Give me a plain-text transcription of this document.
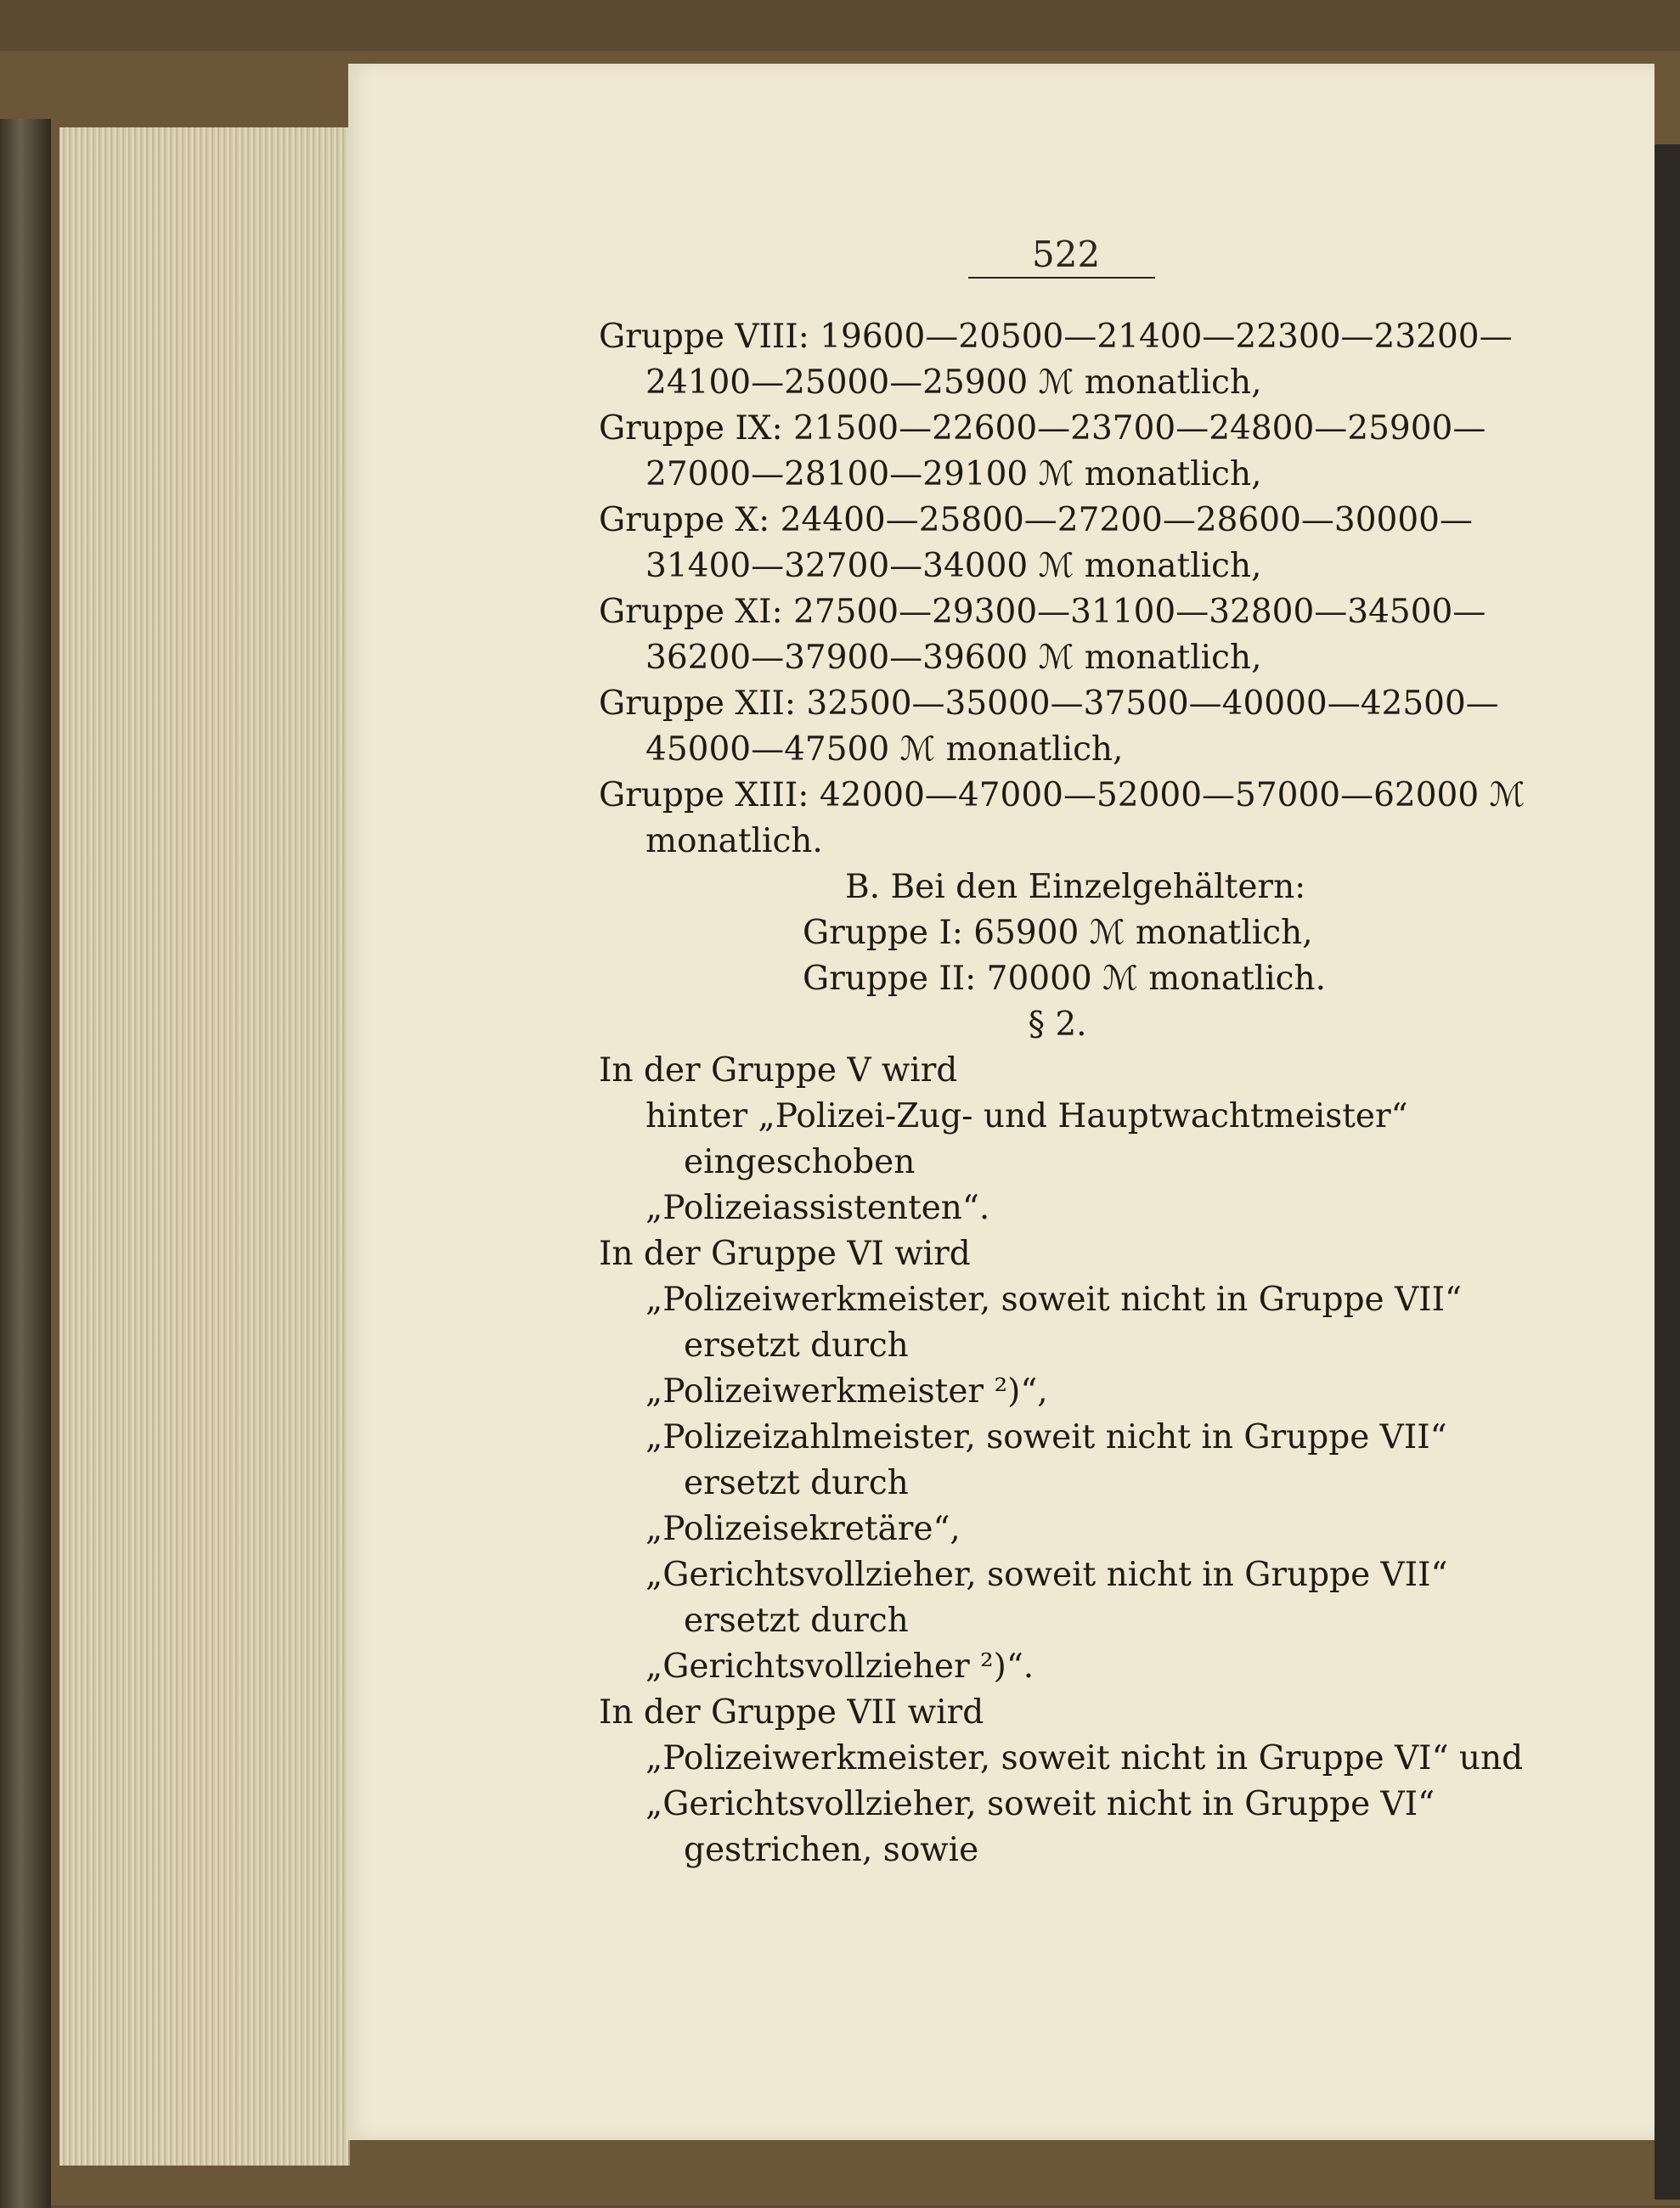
522
Gruppe VIII: 19600—20500—21400—22300—23200—
24100—25000—25900 ℳ monatlich,
Gruppe IX: 21500—22600—23700—24800—25900—
27000—28100—29100 ℳ monatlich,
Gruppe X: 24400—25800—27200—28600—30000—
31400—32700—34000 ℳ monatlich,
Gruppe XI: 27500—29300—31100—32800—34500—
36200—37900—39600 ℳ monatlich,
Gruppe XII: 32500—35000—37500—40000—42500—
45000—47500 ℳ monatlich,
Gruppe XIII: 42000—47000—52000—57000—62000 ℳ
monatlich.
B. Bei den Einzelgehältern:
Gruppe I: 65900 ℳ monatlich,
Gruppe II: 70000 ℳ monatlich.
§ 2.
In der Gruppe V wird
hinter „Polizei-Zug- und Hauptwachtmeister“
eingeschoben
„Polizeiassistenten“.
In der Gruppe VI wird
„Polizeiwerkmeister, soweit nicht in Gruppe VII“
ersetzt durch
„Polizeiwerkmeister ²)“,
„Polizeizahlmeister, soweit nicht in Gruppe VII“
ersetzt durch
„Polizeisekretäre“,
„Gerichtsvollzieher, soweit nicht in Gruppe VII“
ersetzt durch
„Gerichtsvollzieher ²)“.
In der Gruppe VII wird
„Polizeiwerkmeister, soweit nicht in Gruppe VI“ und
„Gerichtsvollzieher, soweit nicht in Gruppe VI“
gestrichen, sowie
